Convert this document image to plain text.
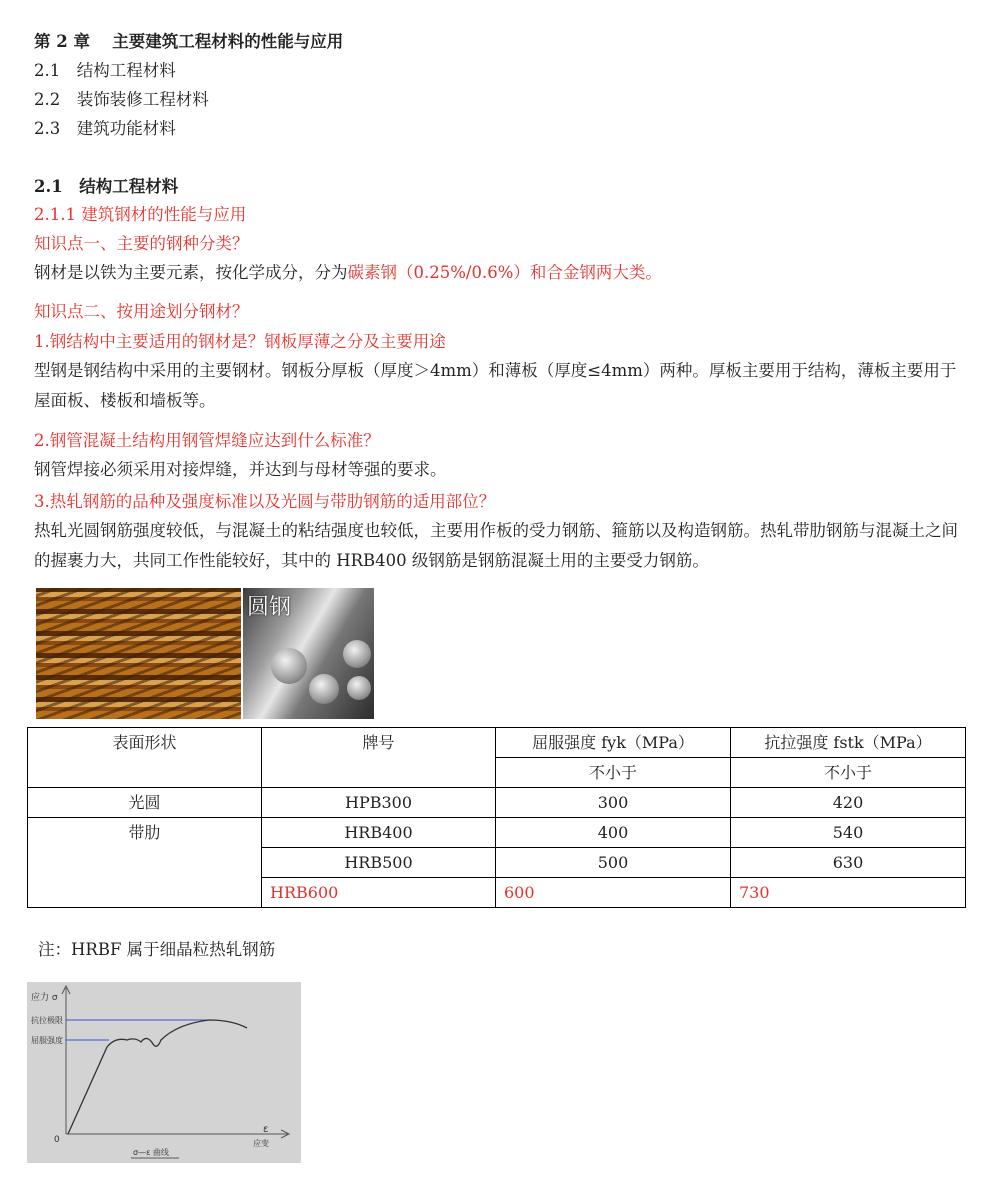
第 2 章　 主要建筑工程材料的性能与应用
2.1　结构工程材料
2.2　装饰装修工程材料
2.3　建筑功能材料
2.1　结构工程材料
2.1.1 建筑钢材的性能与应用
知识点一、主要的钢种分类？
钢材是以铁为主要元素，按化学成分，分为碳素钢（0.25%/0.6%）和合金钢两大类。
知识点二、按用途划分钢材？
1.钢结构中主要适用的钢材是？钢板厚薄之分及主要用途
型钢是钢结构中采用的主要钢材。钢板分厚板（厚度＞4mm）和薄板（厚度≤4mm）两种。厚板主要用于结构，薄板主要用于屋面板、楼板和墙板等。
2.钢管混凝土结构用钢管焊缝应达到什么标准？
钢管焊接必须采用对接焊缝，并达到与母材等强的要求。
3.热轧钢筋的品种及强度标准以及光圆与带肋钢筋的适用部位？
热轧光圆钢筋强度较低，与混凝土的粘结强度也较低，主要用作板的受力钢筋、箍筋以及构造钢筋。热轧带肋钢筋与混凝土之间的握裹力大，共同工作性能较好，其中的 HRB400 级钢筋是钢筋混凝土用的主要受力钢筋。
圆钢
表面形状	牌号	屈服强度 fyk（MPa）	抗拉强度 fstk（MPa）
		不小于	不小于
光圆	HPB300	300	420
带肋	HRB400	400	540
	HRB500	500	630
	HRB600	600	730
注：HRBF 属于细晶粒热轧钢筋
应力 σ
抗拉极限
屈服强度
0
ε
应变
σ—ε 曲线
